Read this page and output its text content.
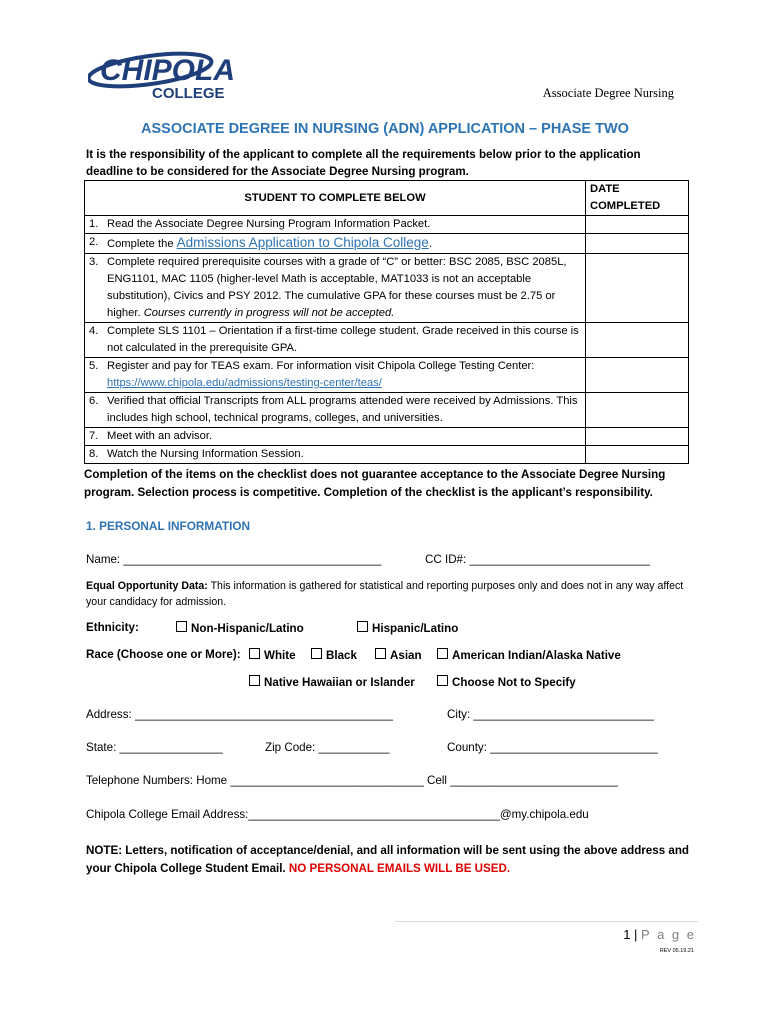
CHIPOLA
COLLEGE	Associate Degree Nursing
ASSOCIATE DEGREE IN NURSING (ADN) APPLICATION – PHASE TWO
It is the responsibility of the applicant to complete all the requirements below prior to the application deadline to be considered for the Associate Degree Nursing program.
STUDENT TO COMPLETE BELOW	DATE COMPLETED

1. Read the Associate Degree Nursing Program Information Packet.	

2. Complete the Admissions Application to Chipola College.	

3. Complete required prerequisite courses with a grade of “C” or better: BSC 2085, BSC 2085L, ENG1101, MAC 1105 (higher-level Math is acceptable, MAT1033 is not an acceptable substitution), Civics and PSY 2012. The cumulative GPA for these courses must be 2.75 or higher. Courses currently in progress will not be accepted.	

4. Complete SLS 1101 – Orientation if a first-time college student. Grade received in this course is not calculated in the prerequisite GPA.	

5. Register and pay for TEAS exam. For information visit Chipola College Testing Center: https://www.chipola.edu/admissions/testing-center/teas/	

6. Verified that official Transcripts from ALL programs attended were received by Admissions. This includes high school, technical programs, colleges, and universities.	

7. Meet with an advisor.	

8. Watch the Nursing Information Session.	

Completion of the items on the checklist does not guarantee acceptance to the Associate Degree Nursing program. Selection process is competitive. Completion of the checklist is the applicant’s responsibility.
1. PERSONAL INFORMATION
Name: ________________________________________	CC ID#: ____________________________
Equal Opportunity Data: This information is gathered for statistical and reporting purposes only and does not in any way affect your candidacy for admission.
Ethnicity:	Non-Hispanic/Latino	Hispanic/Latino
Race (Choose one or More):	White	Black	Asian	American Indian/Alaska Native
Native Hawaiian or Islander	Choose Not to Specify
Address: ________________________________________	City: ____________________________
State: ________________	Zip Code: ___________	County: __________________________
Telephone Numbers: Home ______________________________ Cell __________________________
Chipola College Email Address:_______________________________________@my.chipola.edu
NOTE: Letters, notification of acceptance/denial, and all information will be sent using the above address and your Chipola College Student Email. NO PERSONAL EMAILS WILL BE USED.
1 | P a g e
REV 05.19.21
